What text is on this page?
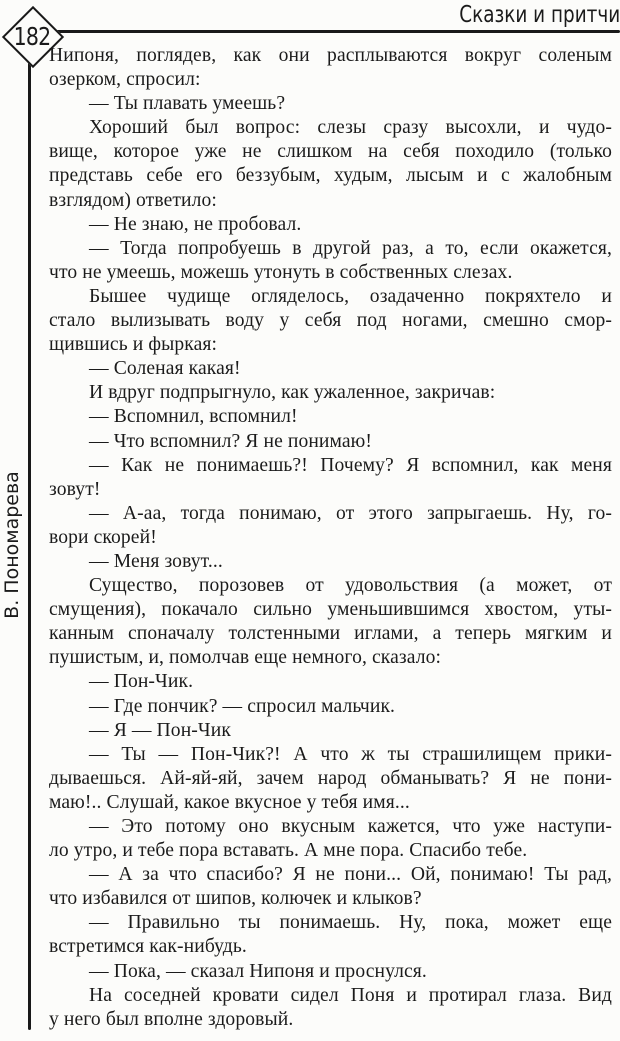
182
Сказки и притчи
В. Пономарева
Нипоня, поглядев, как они расплываются вокруг соленым
озерком, спросил:
— Ты плавать умеешь?
Хороший был вопрос: слезы сразу высохли, и чудо-
вище, которое уже не слишком на себя походило (только
представь себе его беззубым, худым, лысым и с жалобным
взглядом) ответило:
— Не знаю, не пробовал.
— Тогда попробуешь в другой раз, а то, если окажется,
что не умеешь, можешь утонуть в собственных слезах.
Бышее чудище огляделось, озадаченно покряхтело и
стало вылизывать воду у себя под ногами, смешно смор-
щившись и фыркая:
— Соленая какая!
И вдруг подпрыгнуло, как ужаленное, закричав:
— Вспомнил, вспомнил!
— Что вспомнил? Я не понимаю!
— Как не понимаешь?! Почему? Я вспомнил, как меня
зовут!
— А-аа, тогда понимаю, от этого запрыгаешь. Ну, го-
вори скорей!
— Меня зовут...
Существо, порозовев от удовольствия (а может, от
смущения), покачало сильно уменьшившимся хвостом, уты-
канным споначалу толстенными иглами, а теперь мягким и
пушистым, и, помолчав еще немного, сказало:
— Пон-Чик.
— Где пончик? — спросил мальчик.
— Я — Пон-Чик
— Ты — Пон-Чик?! А что ж ты страшилищем прики-
дываешься. Ай-яй-яй, зачем народ обманывать? Я не пони-
маю!.. Слушай, какое вкусное у тебя имя...
— Это потому оно вкусным кажется, что уже наступи-
ло утро, и тебе пора вставать. А мне пора. Спасибо тебе.
— А за что спасибо? Я не пони... Ой, понимаю! Ты рад,
что избавился от шипов, колючек и клыков?
— Правильно ты понимаешь. Ну, пока, может еще
встретимся как-нибудь.
— Пока, — сказал Нипоня и проснулся.
На соседней кровати сидел Поня и протирал глаза. Вид
у него был вполне здоровый.
